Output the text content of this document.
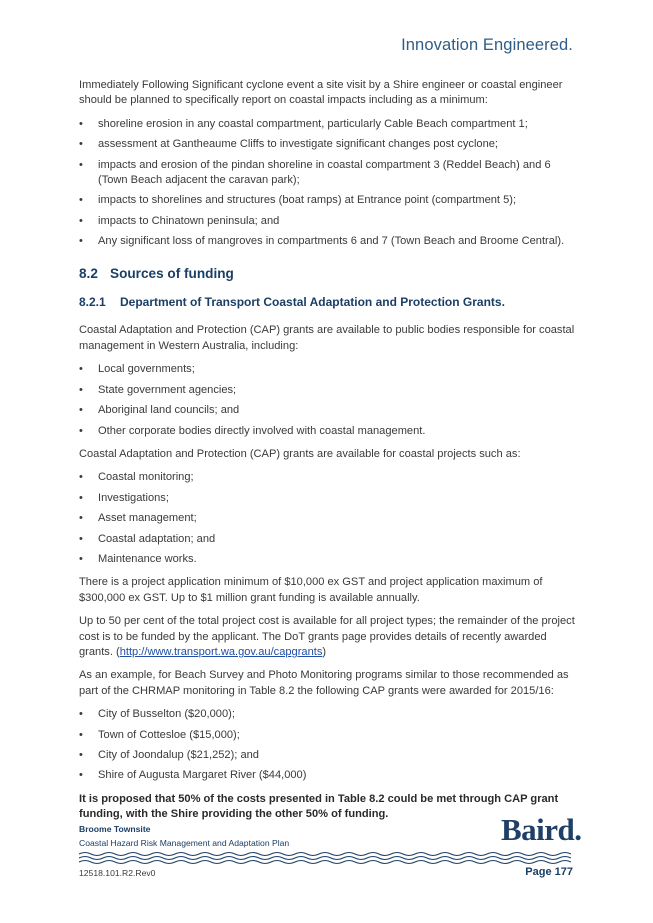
Innovation Engineered.

Immediately Following Significant cyclone event a site visit by a Shire engineer or coastal engineer should be planned to specifically report on coastal impacts including as a minimum:

• shoreline erosion in any coastal compartment, particularly Cable Beach compartment 1;
• assessment at Gantheaume Cliffs to investigate significant changes post cyclone;
• impacts and erosion of the pindan shoreline in coastal compartment 3 (Reddel Beach) and 6 (Town Beach adjacent the caravan park);
• impacts to shorelines and structures (boat ramps) at Entrance point (compartment 5);
• impacts to Chinatown peninsula; and
• Any significant loss of mangroves in compartments 6 and 7 (Town Beach and Broome Central).
8.2 Sources of funding
8.2.1 Department of Transport Coastal Adaptation and Protection Grants.

Coastal Adaptation and Protection (CAP) grants are available to public bodies responsible for coastal management in Western Australia, including:

• Local governments;
• State government agencies;
• Aboriginal land councils; and
• Other corporate bodies directly involved with coastal management.

Coastal Adaptation and Protection (CAP) grants are available for coastal projects such as:

• Coastal monitoring;
• Investigations;
• Asset management;
• Coastal adaptation; and
• Maintenance works.

There is a project application minimum of $10,000 ex GST and project application maximum of $300,000 ex GST. Up to $1 million grant funding is available annually.

Up to 50 per cent of the total project cost is available for all project types; the remainder of the project cost is to be funded by the applicant. The DoT grants page provides details of recently awarded grants. (http://www.transport.wa.gov.au/capgrants)

As an example, for Beach Survey and Photo Monitoring programs similar to those recommended as part of the CHRMAP monitoring in Table 8.2 the following CAP grants were awarded for 2015/16:

• City of Busselton ($20,000);
• Town of Cottesloe ($15,000);
• City of Joondalup ($21,252); and
• Shire of Augusta Margaret River ($44,000)

It is proposed that 50% of the costs presented in Table 8.2 could be met through CAP grant funding, with the Shire providing the other 50% of funding.

Broome Townsite
Coastal Hazard Risk Management and Adaptation Plan	Baird.
12518.101.R2.Rev0	Page 177
